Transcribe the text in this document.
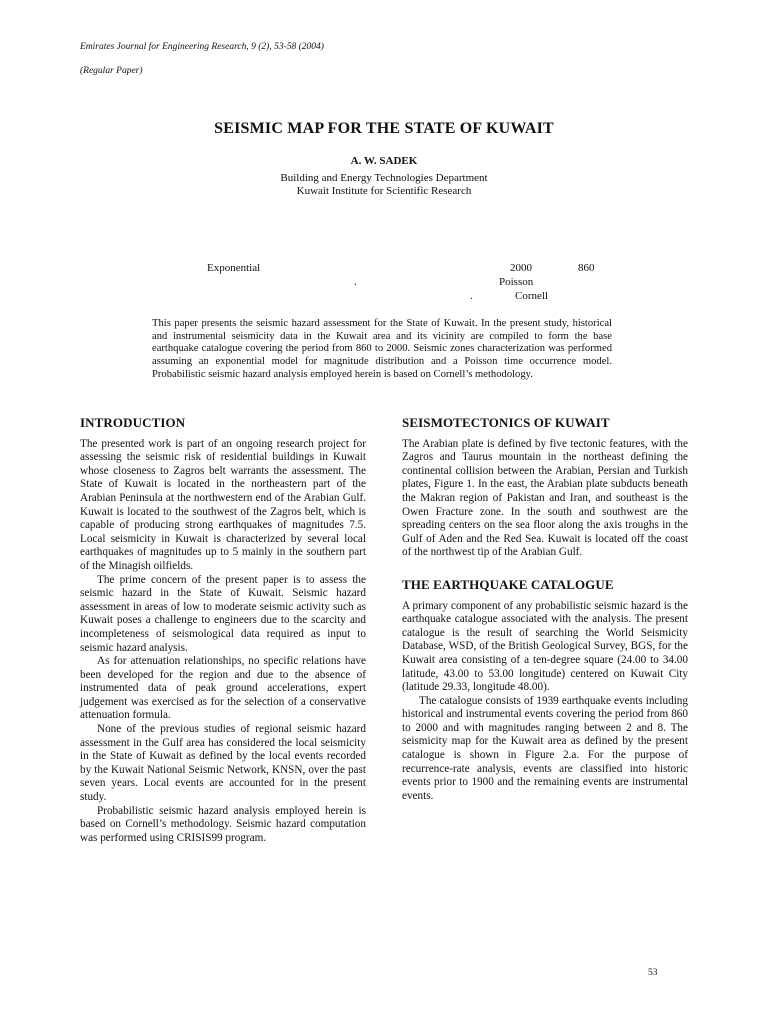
Emirates Journal for Engineering Research, 9 (2), 53-58 (2004)
(Regular Paper)
SEISMIC MAP FOR THE STATE OF KUWAIT
A. W. SADEK
Building and Energy Technologies Department
Kuwait Institute for Scientific Research
Exponential	2000	860
.	Poisson
.	Cornell
This paper presents the seismic hazard assessment for the State of Kuwait. In the present study, historical and instrumental seismicity data in the Kuwait area and its vicinity are compiled to form the base earthquake catalogue covering the period from 860 to 2000. Seismic zones characterization was performed assuming an exponential model for magnitude distribution and a Poisson time occurrence model. Probabilistic seismic hazard analysis employed herein is based on Cornell’s methodology.
INTRODUCTION

The presented work is part of an ongoing research project for assessing the seismic risk of residential buildings in Kuwait whose closeness to Zagros belt warrants the assessment. The State of Kuwait is located in the northeastern part of the Arabian Peninsula at the northwestern end of the Arabian Gulf. Kuwait is located to the southwest of the Zagros belt, which is capable of producing strong earthquakes of magnitudes 7.5. Local seismicity in Kuwait is characterized by several local earthquakes of magnitudes up to 5 mainly in the southern part of the Minagish oilfields.

The prime concern of the present paper is to assess the seismic hazard in the State of Kuwait. Seismic hazard assessment in areas of low to moderate seismic activity such as Kuwait poses a challenge to engineers due to the scarcity and incompleteness of seismological data required as input to seismic hazard analysis.

As for attenuation relationships, no specific relations have been developed for the region and due to the absence of instrumented data of peak ground accelerations, expert judgement was exercised as for the selection of a conservative attenuation formula.

None of the previous studies of regional seismic hazard assessment in the Gulf area has considered the local seismicity in the State of Kuwait as defined by the local events recorded by the Kuwait National Seismic Network, KNSN, over the past seven years. Local events are accounted for in the present study.

Probabilistic seismic hazard analysis employed herein is based on Cornell’s methodology. Seismic hazard computation was performed using CRISIS99 program.

SEISMOTECTONICS OF KUWAIT

The Arabian plate is defined by five tectonic features, with the Zagros and Taurus mountain in the northeast defining the continental collision between the Arabian, Persian and Turkish plates, Figure 1. In the east, the Arabian plate subducts beneath the Makran region of Pakistan and Iran, and southeast is the Owen Fracture zone. In the south and southwest are the spreading centers on the sea floor along the axis troughs in the Gulf of Aden and the Red Sea. Kuwait is located off the coast of the northwest tip of the Arabian Gulf.

THE EARTHQUAKE CATALOGUE

A primary component of any probabilistic seismic hazard is the earthquake catalogue associated with the analysis. The present catalogue is the result of searching the World Seismicity Database, WSD, of the British Geological Survey, BGS, for the Kuwait area consisting of a ten-degree square (24.00 to 34.00 latitude, 43.00 to 53.00 longitude) centered on Kuwait City (latitude 29.33, longitude 48.00).

The catalogue consists of 1939 earthquake events including historical and instrumental events covering the period from 860 to 2000 and with magnitudes ranging between 2 and 8. The seismicity map for the Kuwait area as defined by the present catalogue is shown in Figure 2.a. For the purpose of recurrence-rate analysis, events are classified into historic events prior to 1900 and the remaining events are instrumental events.

53
